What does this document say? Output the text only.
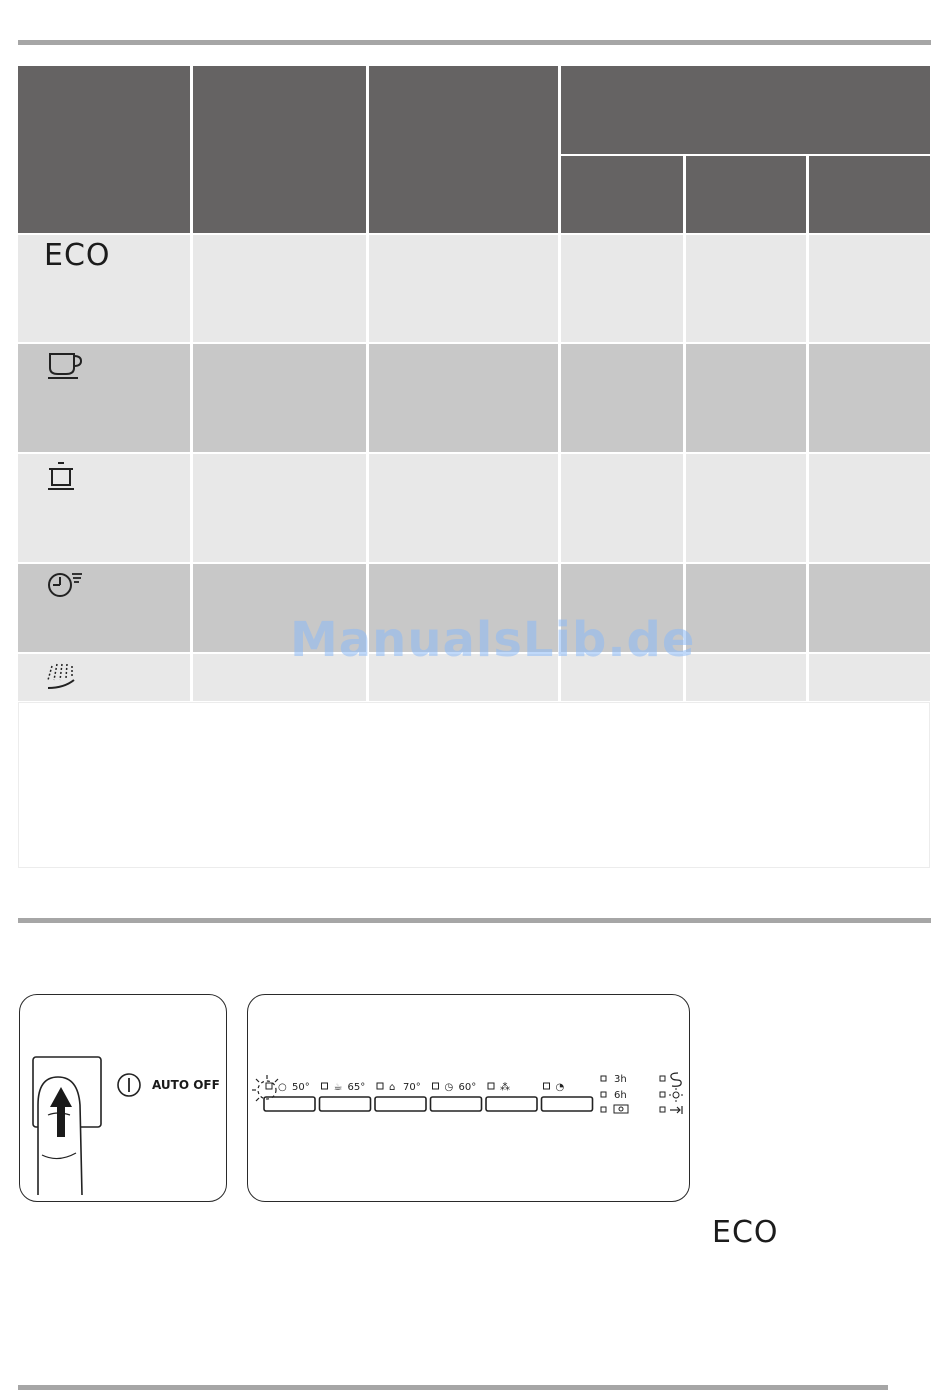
ECO
ManualsLib.de
AUTO OFF	○ 50° ☕ 65° ⌂ 70° ◷ 60° ⁂	◔
3h
6h
ECO
